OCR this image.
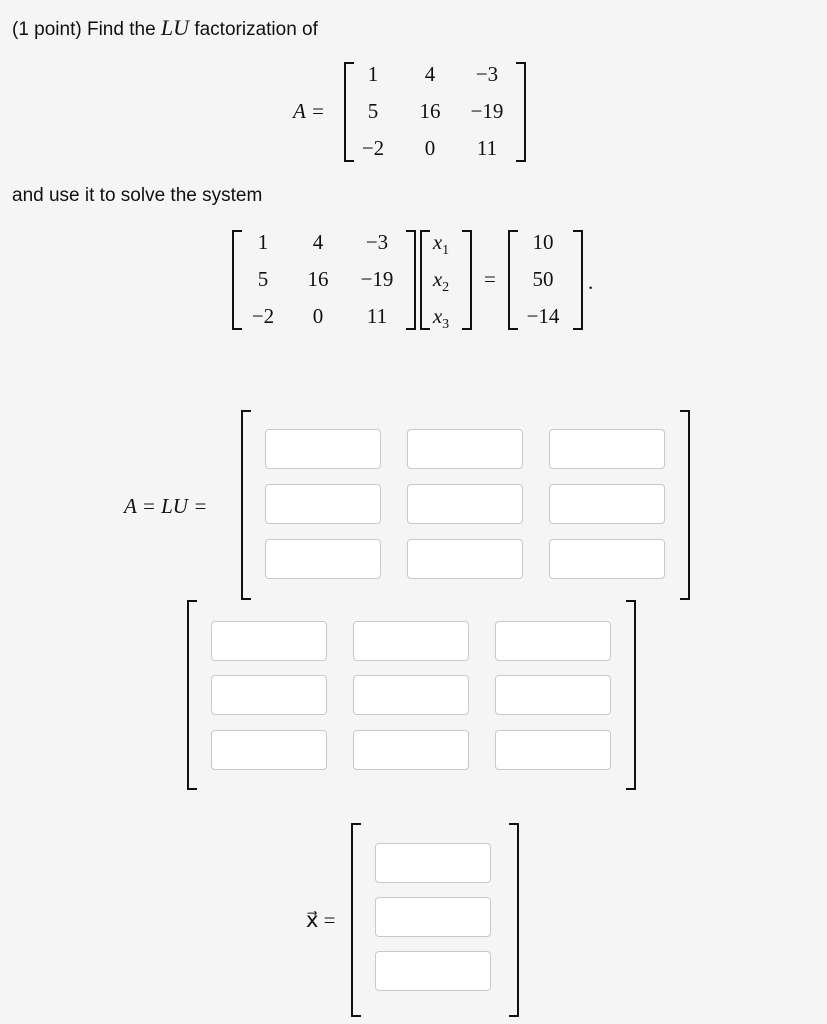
(1 point) Find the LU factorization of
A =
1	4	−3
5	16	−19
−2	0	11
and use it to solve the system
1	4	−3
5	16	−19
−2	0	11
$x_1$
$x_2$
$x_3$
=
10
50
−14
.
A = LU =
x⃗ =
